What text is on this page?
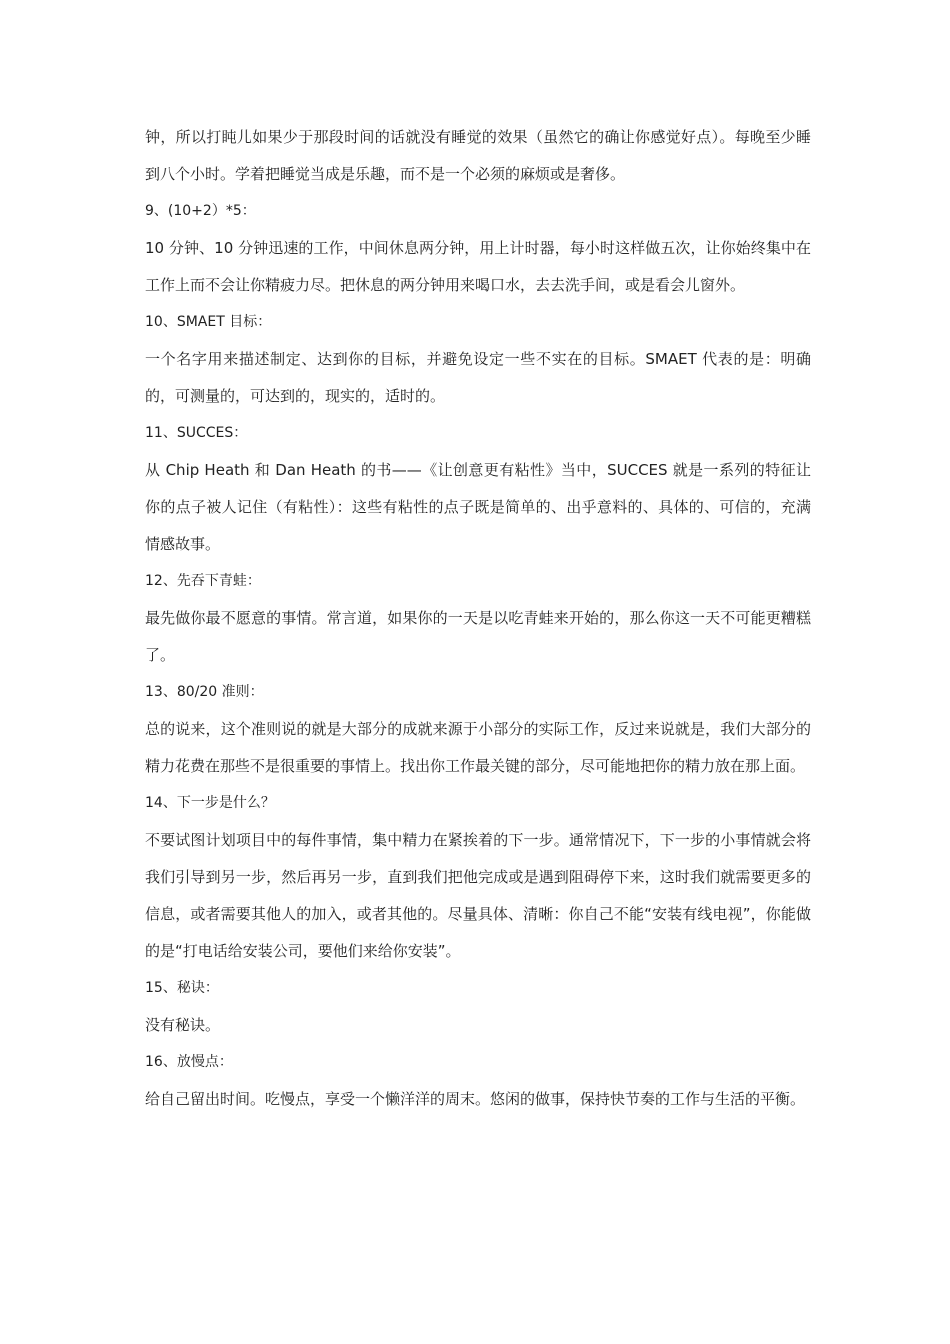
钟，所以打盹儿如果少于那段时间的话就没有睡觉的效果（虽然它的确让你感觉好点）。每晚至少睡到八个小时。学着把睡觉当成是乐趣，而不是一个必须的麻烦或是奢侈。

9、(10+2）*5：

10 分钟、10 分钟迅速的工作，中间休息两分钟，用上计时器，每小时这样做五次，让你始终集中在工作上而不会让你精疲力尽。把休息的两分钟用来喝口水，去去洗手间，或是看会儿窗外。

10、SMAET 目标：

一个名字用来描述制定、达到你的目标，并避免设定一些不实在的目标。SMAET 代表的是：明确的，可测量的，可达到的，现实的，适时的。

11、SUCCES：

从 Chip Heath 和 Dan Heath 的书——《让创意更有粘性》当中，SUCCES 就是一系列的特征让你的点子被人记住（有粘性）：这些有粘性的点子既是简单的、出乎意料的、具体的、可信的，充满情感故事。

12、先吞下青蛙：

最先做你最不愿意的事情。常言道，如果你的一天是以吃青蛙来开始的，那么你这一天不可能更糟糕了。

13、80/20 准则：

总的说来，这个准则说的就是大部分的成就来源于小部分的实际工作，反过来说就是，我们大部分的精力花费在那些不是很重要的事情上。找出你工作最关键的部分，尽可能地把你的精力放在那上面。

14、下一步是什么？

不要试图计划项目中的每件事情，集中精力在紧挨着的下一步。通常情况下，下一步的小事情就会将我们引导到另一步，然后再另一步，直到我们把他完成或是遇到阻碍停下来，这时我们就需要更多的信息，或者需要其他人的加入，或者其他的。尽量具体、清晰：你自己不能“安装有线电视”，你能做的是“打电话给安装公司，要他们来给你安装”。

15、秘诀：

没有秘诀。

16、放慢点：

给自己留出时间。吃慢点，享受一个懒洋洋的周末。悠闲的做事，保持快节奏的工作与生活的平衡。
